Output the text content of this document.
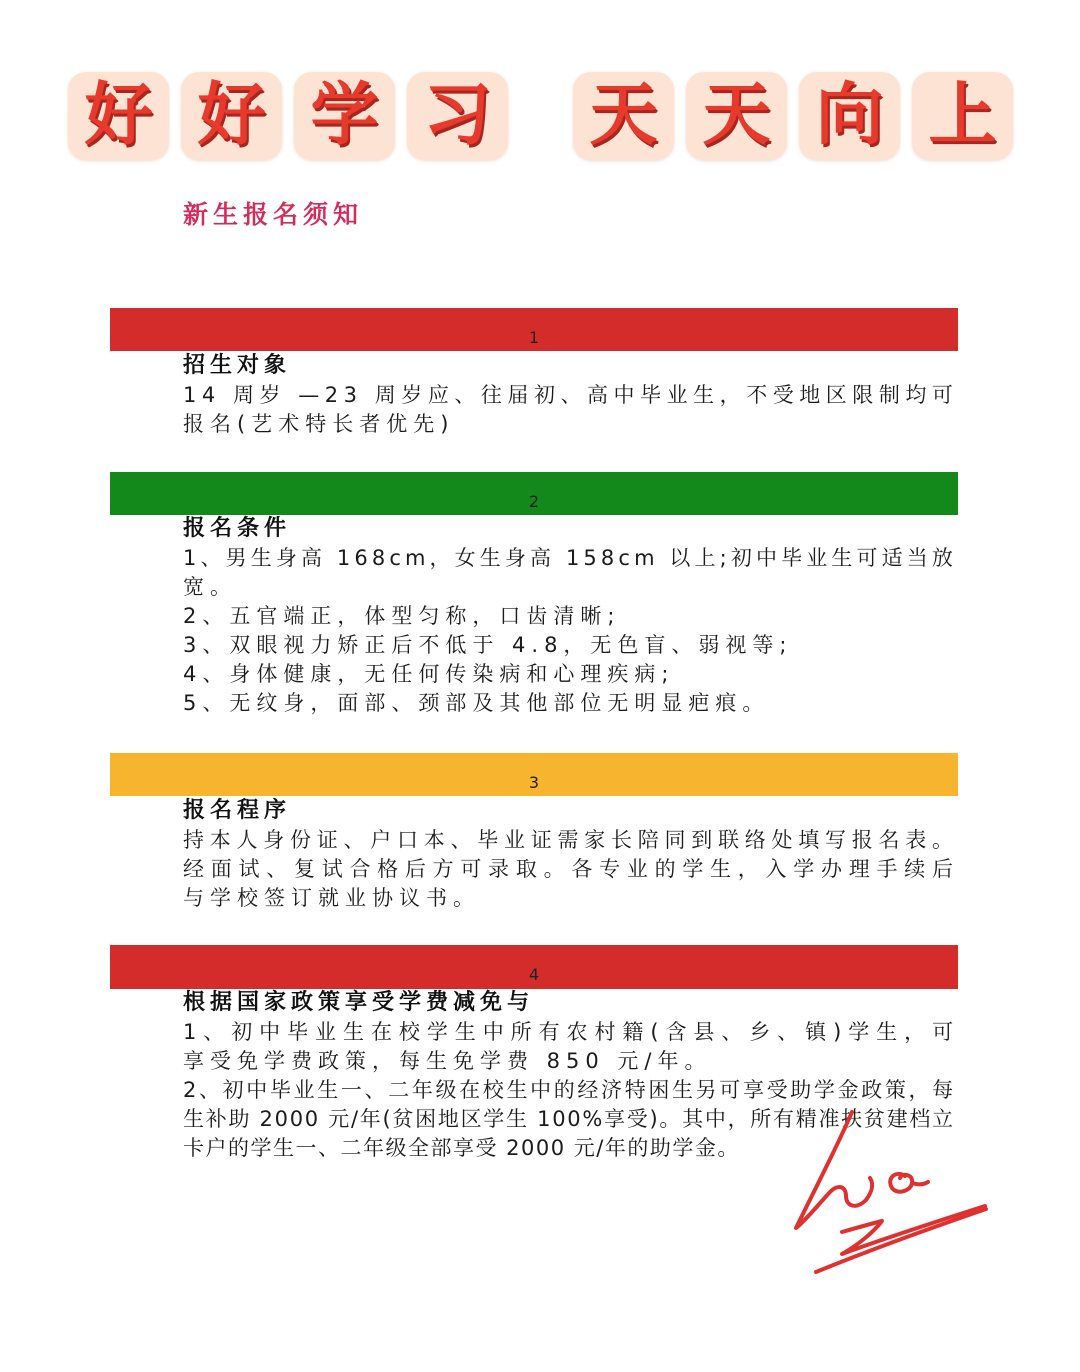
好 好 学 习 天 天 向 上
新生报名须知
1
招生对象
14 周岁 —23 周岁应、往届初、高中毕业生，不受地区限制均可
报名(艺术特长者优先)
2
报名条件
1、男生身高 168cm，女生身高 158cm 以上;初中毕业生可适当放
宽。
2、五官端正，体型匀称，口齿清晰;
3、双眼视力矫正后不低于 4.8，无色盲、弱视等;
4、身体健康，无任何传染病和心理疾病;
5、无纹身，面部、颈部及其他部位无明显疤痕。
3
报名程序
持本人身份证、户口本、毕业证需家长陪同到联络处填写报名表。
经面试、复试合格后方可录取。各专业的学生，入学办理手续后
与学校签订就业协议书。
4
根据国家政策享受学费减免与
1、初中毕业生在校学生中所有农村籍(含县、乡、镇)学生，可
享受免学费政策，每生免学费 850 元/年。
2、初中毕业生一、二年级在校生中的经济特困生另可享受助学金政策，每
生补助 2000 元/年(贫困地区学生 100%享受)。其中，所有精准扶贫建档立
卡户的学生一、二年级全部享受 2000 元/年的助学金。
